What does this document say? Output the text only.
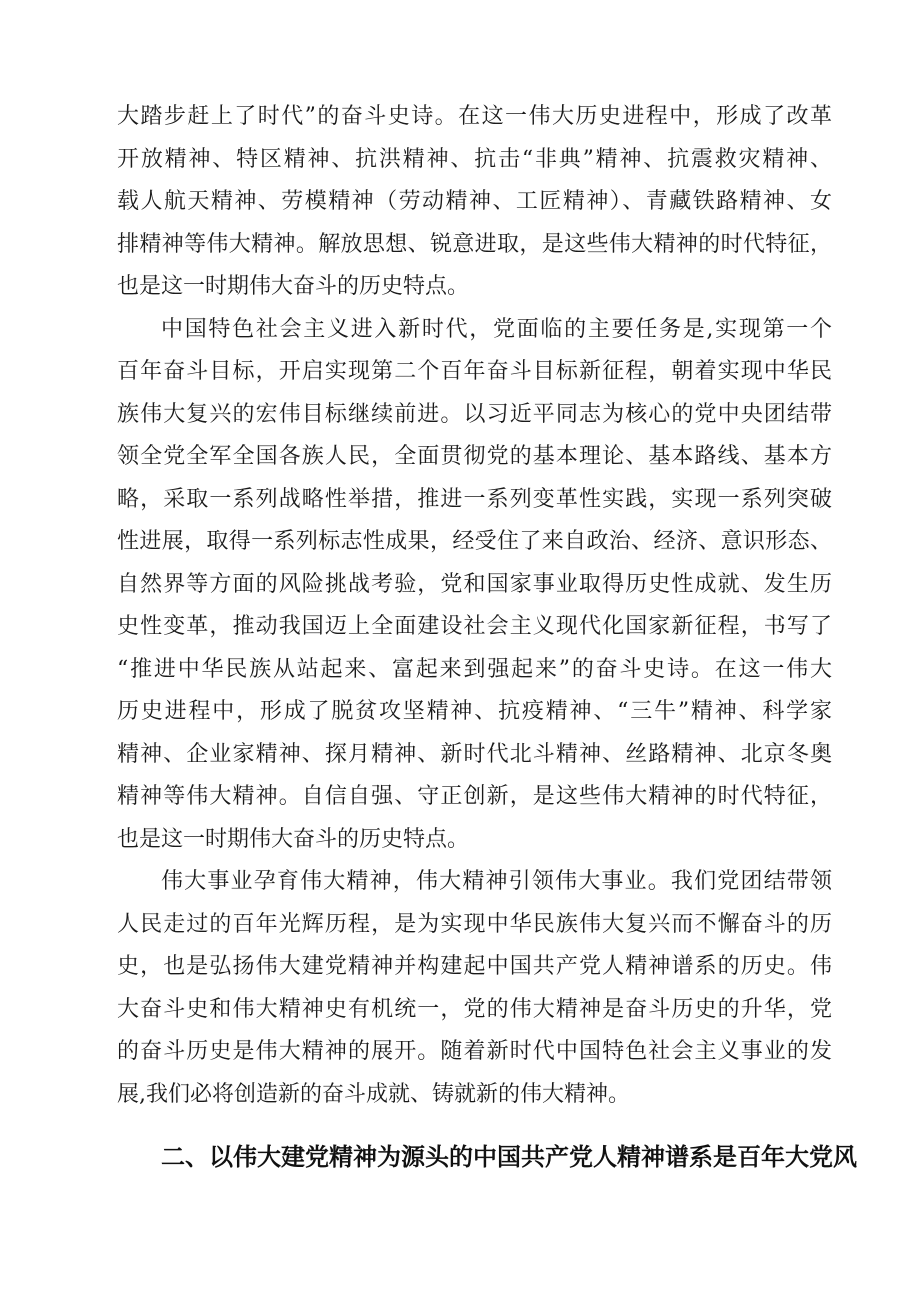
大踏步赶上了时代”的奋斗史诗。在这一伟大历史进程中，形成了改革
开放精神、特区精神、抗洪精神、抗击“非典”精神、抗震救灾精神、
载人航天精神、劳模精神（劳动精神、工匠精神）、青藏铁路精神、女
排精神等伟大精神。解放思想、锐意进取，是这些伟大精神的时代特征，
也是这一时期伟大奋斗的历史特点。
中国特色社会主义进入新时代，党面临的主要任务是,实现第一个
百年奋斗目标，开启实现第二个百年奋斗目标新征程，朝着实现中华民
族伟大复兴的宏伟目标继续前进。以习近平同志为核心的党中央团结带
领全党全军全国各族人民，全面贯彻党的基本理论、基本路线、基本方
略，采取一系列战略性举措，推进一系列变革性实践，实现一系列突破
性进展，取得一系列标志性成果，经受住了来自政治、经济、意识形态、
自然界等方面的风险挑战考验，党和国家事业取得历史性成就、发生历
史性变革，推动我国迈上全面建设社会主义现代化国家新征程，书写了
“推进中华民族从站起来、富起来到强起来”的奋斗史诗。在这一伟大
历史进程中，形成了脱贫攻坚精神、抗疫精神、“三牛”精神、科学家
精神、企业家精神、探月精神、新时代北斗精神、丝路精神、北京冬奥
精神等伟大精神。自信自强、守正创新，是这些伟大精神的时代特征，
也是这一时期伟大奋斗的历史特点。
伟大事业孕育伟大精神，伟大精神引领伟大事业。我们党团结带领
人民走过的百年光辉历程，是为实现中华民族伟大复兴而不懈奋斗的历
史，也是弘扬伟大建党精神并构建起中国共产党人精神谱系的历史。伟
大奋斗史和伟大精神史有机统一，党的伟大精神是奋斗历史的升华，党
的奋斗历史是伟大精神的展开。随着新时代中国特色社会主义事业的发
展,我们必将创造新的奋斗成就、铸就新的伟大精神。
二、以伟大建党精神为源头的中国共产党人精神谱系是百年大党风
